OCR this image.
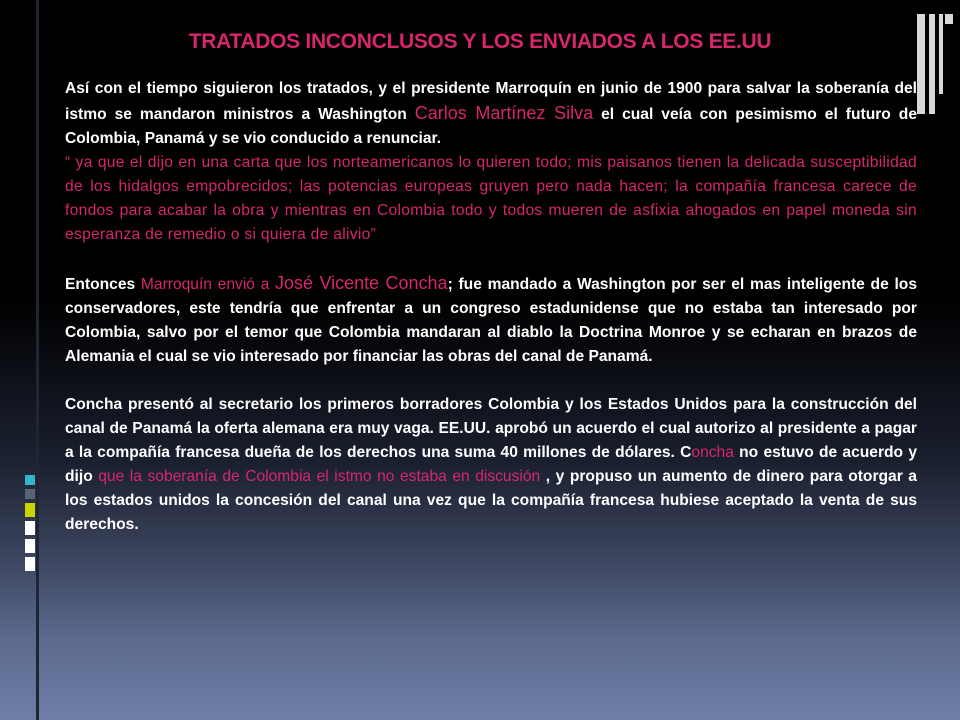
TRATADOS INCONCLUSOS Y LOS ENVIADOS A LOS EE.UU

Así con el tiempo siguieron los tratados, y el presidente Marroquín en junio de 1900 para salvar la soberanía del istmo se mandaron ministros a Washington Carlos Martínez Silva el cual veía con pesimismo el futuro de Colombia, Panamá y se vio conducido a renunciar.

“ ya que el dijo en una carta que los norteamericanos lo quieren todo; mis paisanos tienen la delicada susceptibilidad de los hidalgos empobrecidos; las potencias europeas gruyen pero nada hacen; la compañía francesa carece de fondos para acabar la obra y mientras en Colombia todo y todos mueren de asfixia ahogados en papel moneda sin esperanza de remedio o si quiera de alivio”

Entonces Marroquín envió a José Vicente Concha; fue mandado a Washington por ser el mas inteligente de los conservadores, este tendría que enfrentar a un congreso estadunidense que no estaba tan interesado por Colombia, salvo por el temor que Colombia mandaran al diablo la Doctrina Monroe y se echaran en brazos de Alemania el cual se vio interesado por financiar las obras del canal de Panamá.

Concha presentó al secretario los primeros borradores Colombia y los Estados Unidos para la construcción del canal de Panamá la oferta alemana era muy vaga. EE.UU. aprobó un acuerdo el cual autorizo al presidente a pagar a la compañía francesa dueña de los derechos una suma 40 millones de dólares. Concha no estuvo de acuerdo y dijo que la soberanía de Colombia el istmo no estaba en discusión , y propuso un aumento de dinero para otorgar a los estados unidos la concesión del canal una vez que la compañía francesa hubiese aceptado la venta de sus derechos.
